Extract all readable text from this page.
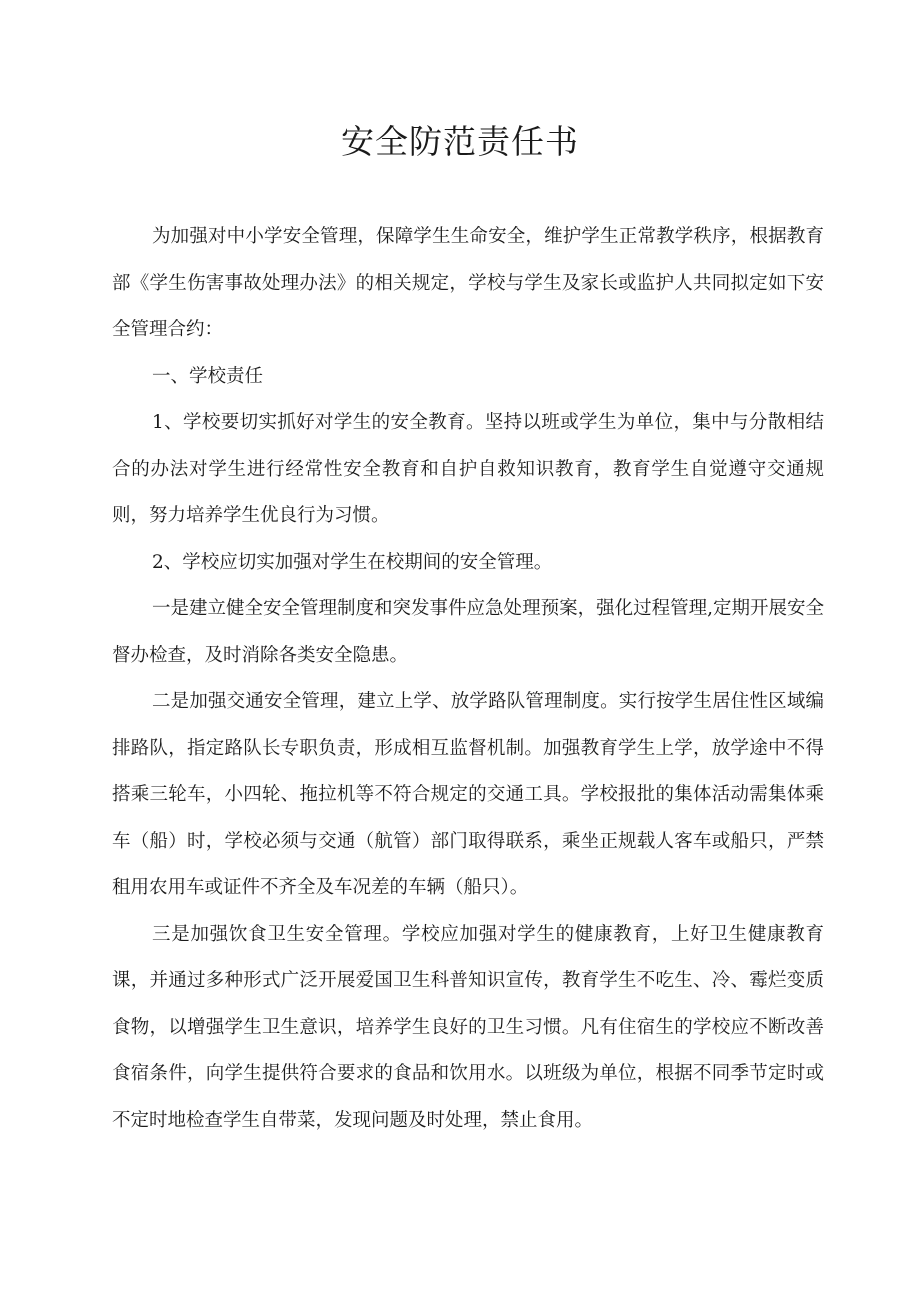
安全防范责任书

为加强对中小学安全管理，保障学生生命安全，维护学生正常教学秩序，根据教育部《学生伤害事故处理办法》的相关规定，学校与学生及家长或监护人共同拟定如下安全管理合约：

一、学校责任

1、学校要切实抓好对学生的安全教育。坚持以班或学生为单位，集中与分散相结合的办法对学生进行经常性安全教育和自护自救知识教育，教育学生自觉遵守交通规则，努力培养学生优良行为习惯。

2、学校应切实加强对学生在校期间的安全管理。

一是建立健全安全管理制度和突发事件应急处理预案，强化过程管理,定期开展安全督办检查，及时消除各类安全隐患。

二是加强交通安全管理，建立上学、放学路队管理制度。实行按学生居住性区域编排路队，指定路队长专职负责，形成相互监督机制。加强教育学生上学，放学途中不得搭乘三轮车，小四轮、拖拉机等不符合规定的交通工具。学校报批的集体活动需集体乘车（船）时，学校必须与交通（航管）部门取得联系，乘坐正规载人客车或船只，严禁租用农用车或证件不齐全及车况差的车辆（船只）。

三是加强饮食卫生安全管理。学校应加强对学生的健康教育，上好卫生健康教育课，并通过多种形式广泛开展爱国卫生科普知识宣传，教育学生不吃生、冷、霉烂变质食物，以增强学生卫生意识，培养学生良好的卫生习惯。凡有住宿生的学校应不断改善食宿条件，向学生提供符合要求的食品和饮用水。以班级为单位，根据不同季节定时或不定时地检查学生自带菜，发现问题及时处理，禁止食用。
